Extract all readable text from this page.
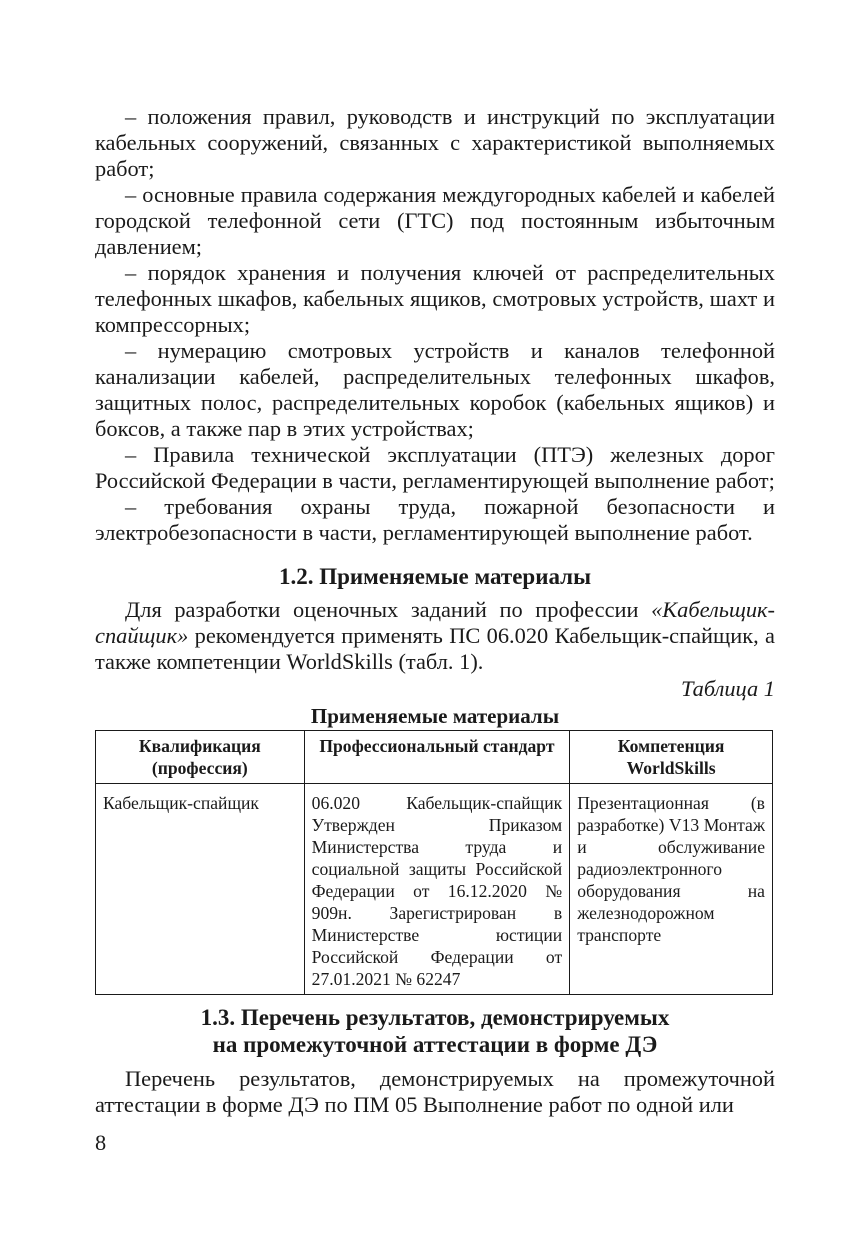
– положения правил, руководств и инструкций по эксплуатации кабельных сооружений, связанных с характеристикой выполняемых работ;

– основные правила содержания междугородных кабелей и кабелей городской телефонной сети (ГТС) под постоянным избыточным давлением;

– порядок хранения и получения ключей от распределительных телефонных шкафов, кабельных ящиков, смотровых устройств, шахт и компрессорных;

– нумерацию смотровых устройств и каналов телефонной канализации кабелей, распределительных телефонных шкафов, защитных полос, распределительных коробок (кабельных ящиков) и боксов, а также пар в этих устройствах;

– Правила технической эксплуатации (ПТЭ) железных дорог Российской Федерации в части, регламентирующей выполнение работ;

– требования охраны труда, пожарной безопасности и электробезопасности в части, регламентирующей выполнение работ.

1.2. Применяемые материалы

Для разработки оценочных заданий по профессии «Кабельщик-спайщик» рекомендуется применять ПС 06.020 Кабельщик-спайщик, а также компетенции WorldSkills (табл. 1).

Таблица 1
Применяемые материалы
Квалификация (профессия)	Профессиональный стандарт	Компетенция WorldSkills
Кабельщик-спайщик	06.020 Кабельщик-спайщик Утвержден Приказом Министерства труда и социальной защиты Российской Федерации от 16.12.2020 № 909н. Зарегистрирован в Министерстве юстиции Российской Федерации от 27.01.2021 № 62247	Презентационная (в разработке) V13 Монтаж и обслуживание радиоэлектронного оборудования на железнодорожном транспорте
1.3. Перечень результатов, демонстрируемых
на промежуточной аттестации в форме ДЭ

Перечень результатов, демонстрируемых на промежуточной аттестации в форме ДЭ по ПМ 05 Выполнение работ по одной или

8
